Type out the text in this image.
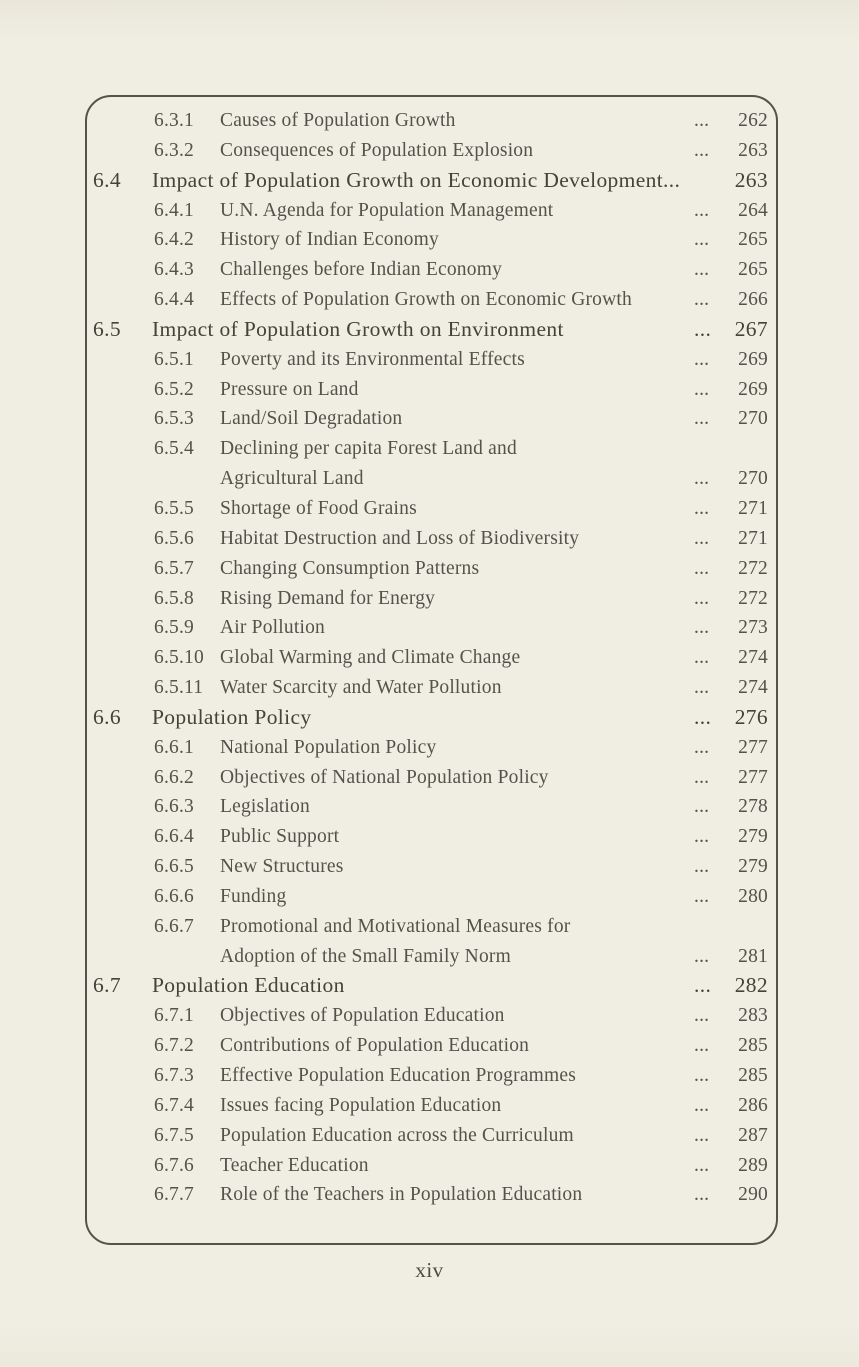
6.3.1	Causes of Population Growth	... 262
6.3.2	Consequences of Population Explosion	... 263
6.4	Impact of Population Growth on Economic Development...	263
6.4.1	U.N. Agenda for Population Management	... 264
6.4.2	History of Indian Economy	... 265
6.4.3	Challenges before Indian Economy	... 265
6.4.4	Effects of Population Growth on Economic Growth	... 266
6.5	Impact of Population Growth on Environment	... 267
6.5.1	Poverty and its Environmental Effects	... 269
6.5.2	Pressure on Land	... 269
6.5.3	Land/Soil Degradation	... 270
6.5.4	Declining per capita Forest Land and
Agricultural Land	... 270
6.5.5	Shortage of Food Grains	... 271
6.5.6	Habitat Destruction and Loss of Biodiversity	... 271
6.5.7	Changing Consumption Patterns	... 272
6.5.8	Rising Demand for Energy	... 272
6.5.9	Air Pollution	... 273
6.5.10 Global Warming and Climate Change	... 274
6.5.11 Water Scarcity and Water Pollution	... 274
6.6	Population Policy	... 276
6.6.1	National Population Policy	... 277
6.6.2	Objectives of National Population Policy	... 277
6.6.3	Legislation	... 278
6.6.4	Public Support	... 279
6.6.5	New Structures	... 279
6.6.6	Funding	... 280
6.6.7	Promotional and Motivational Measures for
Adoption of the Small Family Norm	... 281
6.7	Population Education	... 282
6.7.1	Objectives of Population Education	... 283
6.7.2	Contributions of Population Education	... 285
6.7.3	Effective Population Education Programmes	... 285
6.7.4	Issues facing Population Education	... 286
6.7.5	Population Education across the Curriculum	... 287
6.7.6	Teacher Education	... 289
6.7.7	Role of the Teachers in Population Education	... 290
xiv
